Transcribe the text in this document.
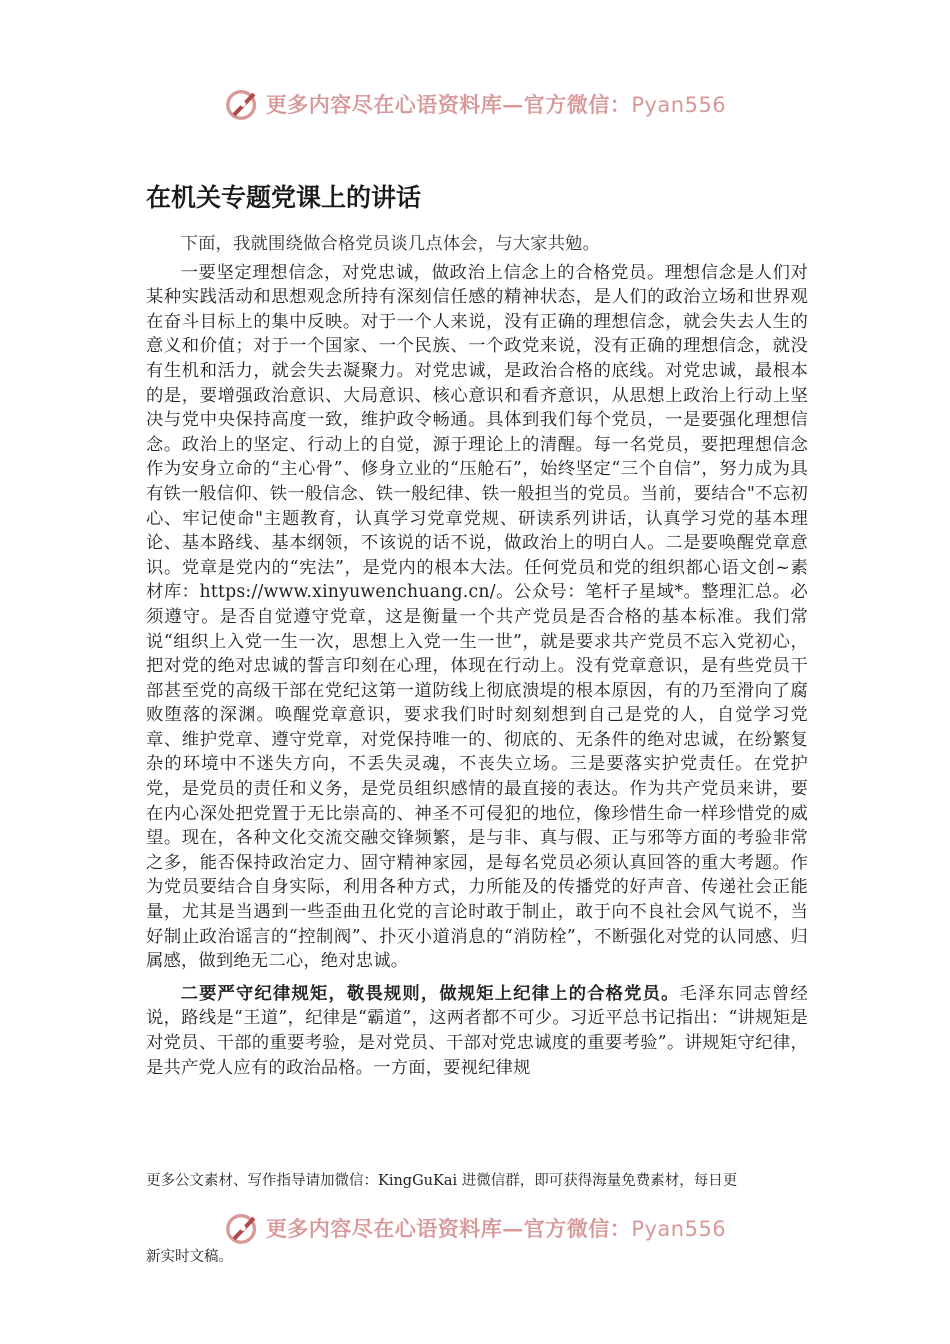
更多内容尽在心语资料库—官方微信：Pyan556
在机关专题党课上的讲话

下面，我就围绕做合格党员谈几点体会，与大家共勉。

一要坚定理想信念，对党忠诚，做政治上信念上的合格党员。理想信念是人们对某种实践活动和思想观念所持有深刻信任感的精神状态，是人们的政治立场和世界观在奋斗目标上的集中反映。对于一个人来说，没有正确的理想信念，就会失去人生的意义和价值；对于一个国家、一个民族、一个政党来说，没有正确的理想信念，就没有生机和活力，就会失去凝聚力。对党忠诚，是政治合格的底线。对党忠诚，最根本的是，要增强政治意识、大局意识、核心意识和看齐意识，从思想上政治上行动上坚决与党中央保持高度一致，维护政令畅通。具体到我们每个党员，一是要强化理想信念。政治上的坚定、行动上的自觉，源于理论上的清醒。每一名党员，要把理想信念作为安身立命的“主心骨”、修身立业的“压舱石”，始终坚定“三个自信”，努力成为具有铁一般信仰、铁一般信念、铁一般纪律、铁一般担当的党员。当前，要结合"不忘初心、牢记使命"主题教育，认真学习党章党规、研读系列讲话，认真学习党的基本理论、基本路线、基本纲领，不该说的话不说，做政治上的明白人。二是要唤醒党章意识。党章是党内的“宪法”，是党内的根本大法。任何党员和党的组织都心语文创~素材库：https://www.xinyuwenchuang.cn/。公众号：笔杆子星域*。整理汇总。必须遵守。是否自觉遵守党章，这是衡量一个共产党员是否合格的基本标准。我们常说“组织上入党一生一次，思想上入党一生一世”，就是要求共产党员不忘入党初心，把对党的绝对忠诚的誓言印刻在心理，体现在行动上。没有党章意识，是有些党员干部甚至党的高级干部在党纪这第一道防线上彻底溃堤的根本原因，有的乃至滑向了腐败堕落的深渊。唤醒党章意识，要求我们时时刻刻想到自己是党的人，自觉学习党章、维护党章、遵守党章，对党保持唯一的、彻底的、无条件的绝对忠诚，在纷繁复杂的环境中不迷失方向，不丢失灵魂，不丧失立场。三是要落实护党责任。在党护党，是党员的责任和义务，是党员组织感情的最直接的表达。作为共产党员来讲，要在内心深处把党置于无比崇高的、神圣不可侵犯的地位，像珍惜生命一样珍惜党的威望。现在，各种文化交流交融交锋频繁，是与非、真与假、正与邪等方面的考验非常之多，能否保持政治定力、固守精神家园，是每名党员必须认真回答的重大考题。作为党员要结合自身实际，利用各种方式，力所能及的传播党的好声音、传递社会正能量，尤其是当遇到一些歪曲丑化党的言论时敢于制止，敢于向不良社会风气说不，当好制止政治谣言的“控制阀”、扑灭小道消息的“消防栓”，不断强化对党的认同感、归属感，做到绝无二心，绝对忠诚。

二要严守纪律规矩，敬畏规则，做规矩上纪律上的合格党员。毛泽东同志曾经说，路线是“王道”，纪律是“霸道”，这两者都不可少。习近平总书记指出：“讲规矩是对党员、干部的重要考验，是对党员、干部对党忠诚度的重要考验”。讲规矩守纪律，是共产党人应有的政治品格。一方面，要视纪律规

更多公文素材、写作指导请加微信：KingGuKai 进微信群，即可获得海量免费素材，每日更
更多内容尽在心语资料库—官方微信：Pyan556
新实时文稿。
